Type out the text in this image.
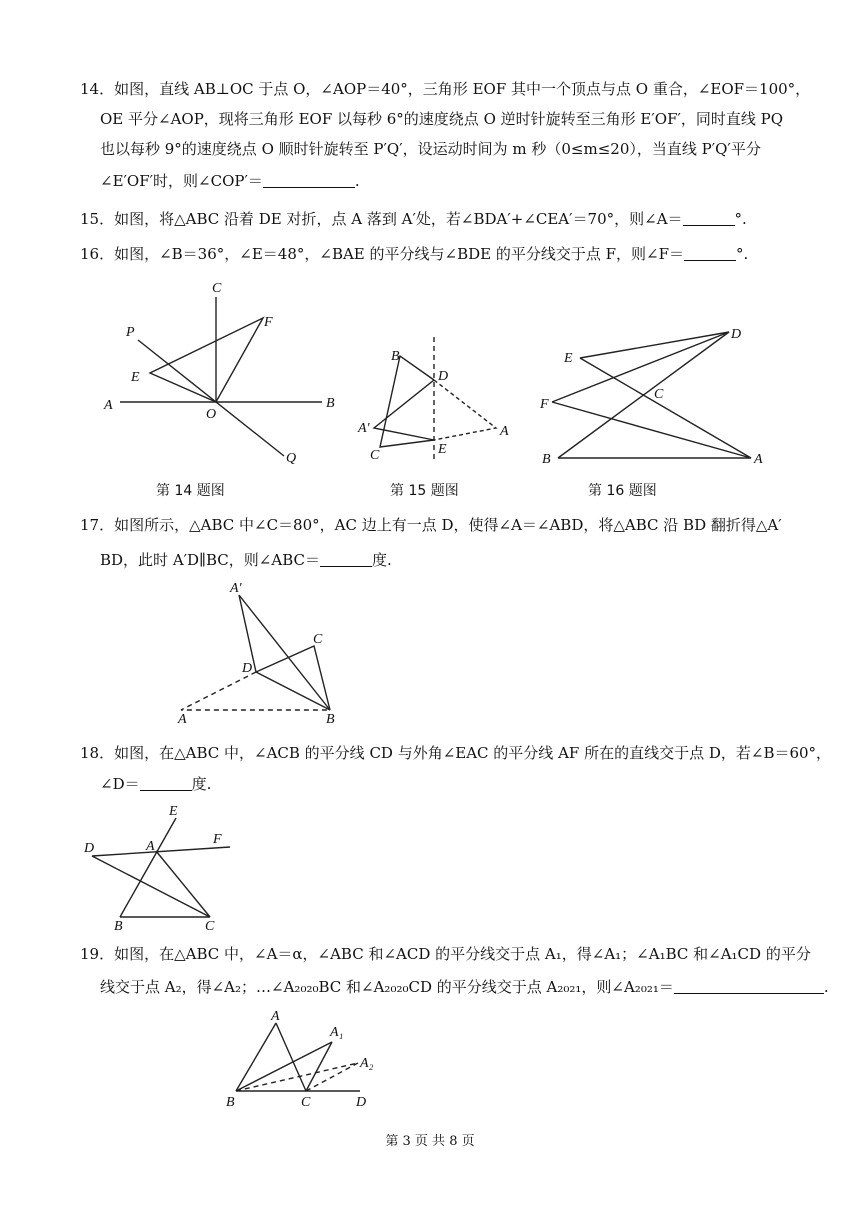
14．如图，直线 AB⊥OC 于点 O，∠AOP＝40°，三角形 EOF 其中一个顶点与点 O 重合，∠EOF＝100°，
OE 平分∠AOP，现将三角形 EOF 以每秒 6°的速度绕点 O 逆时针旋转至三角形 E′OF′，同时直线 PQ
也以每秒 9°的速度绕点 O 顺时针旋转至 P′Q′，设运动时间为 m 秒（0≤m≤20），当直线 P′Q′平分
∠E′OF′时，则∠COP′＝	.
15．如图，将△ABC 沿着 DE 对折，点 A 落到 A′处，若∠BDA′+∠CEA′＝70°，则∠A＝	°.
16．如图，∠B＝36°，∠E＝48°，∠BAE 的平分线与∠BDE 的平分线交于点 F，则∠F＝	°.
第 14 题图	第 15 题图	第 16 题图
17．如图所示，△ABC 中∠C＝80°，AC 边上有一点 D，使得∠A＝∠ABD，将△ABC 沿 BD 翻折得△A′
BD，此时 A′D∥BC，则∠ABC＝	度.
18．如图，在△ABC 中，∠ACB 的平分线 CD 与外角∠EAC 的平分线 AF 所在的直线交于点 D，若∠B＝60°，
∠D＝	度.
19．如图，在△ABC 中，∠A＝α，∠ABC 和∠ACD 的平分线交于点 A₁，得∠A₁；∠A₁BC 和∠A₁CD 的平分
线交于点 A₂，得∠A₂；…∠A₂₀₂₀BC 和∠A₂₀₂₀CD 的平分线交于点 A₂₀₂₁，则∠A₂₀₂₁＝	.
C
P
F
E
A
O
B
Q
B
D
A′	A
C	E
D
E
C
F
B	A
A′
C
D
A	B
E
F
D	A
B	C
A
A₁
A₂
B	C	D
第 3 页 共 8 页
